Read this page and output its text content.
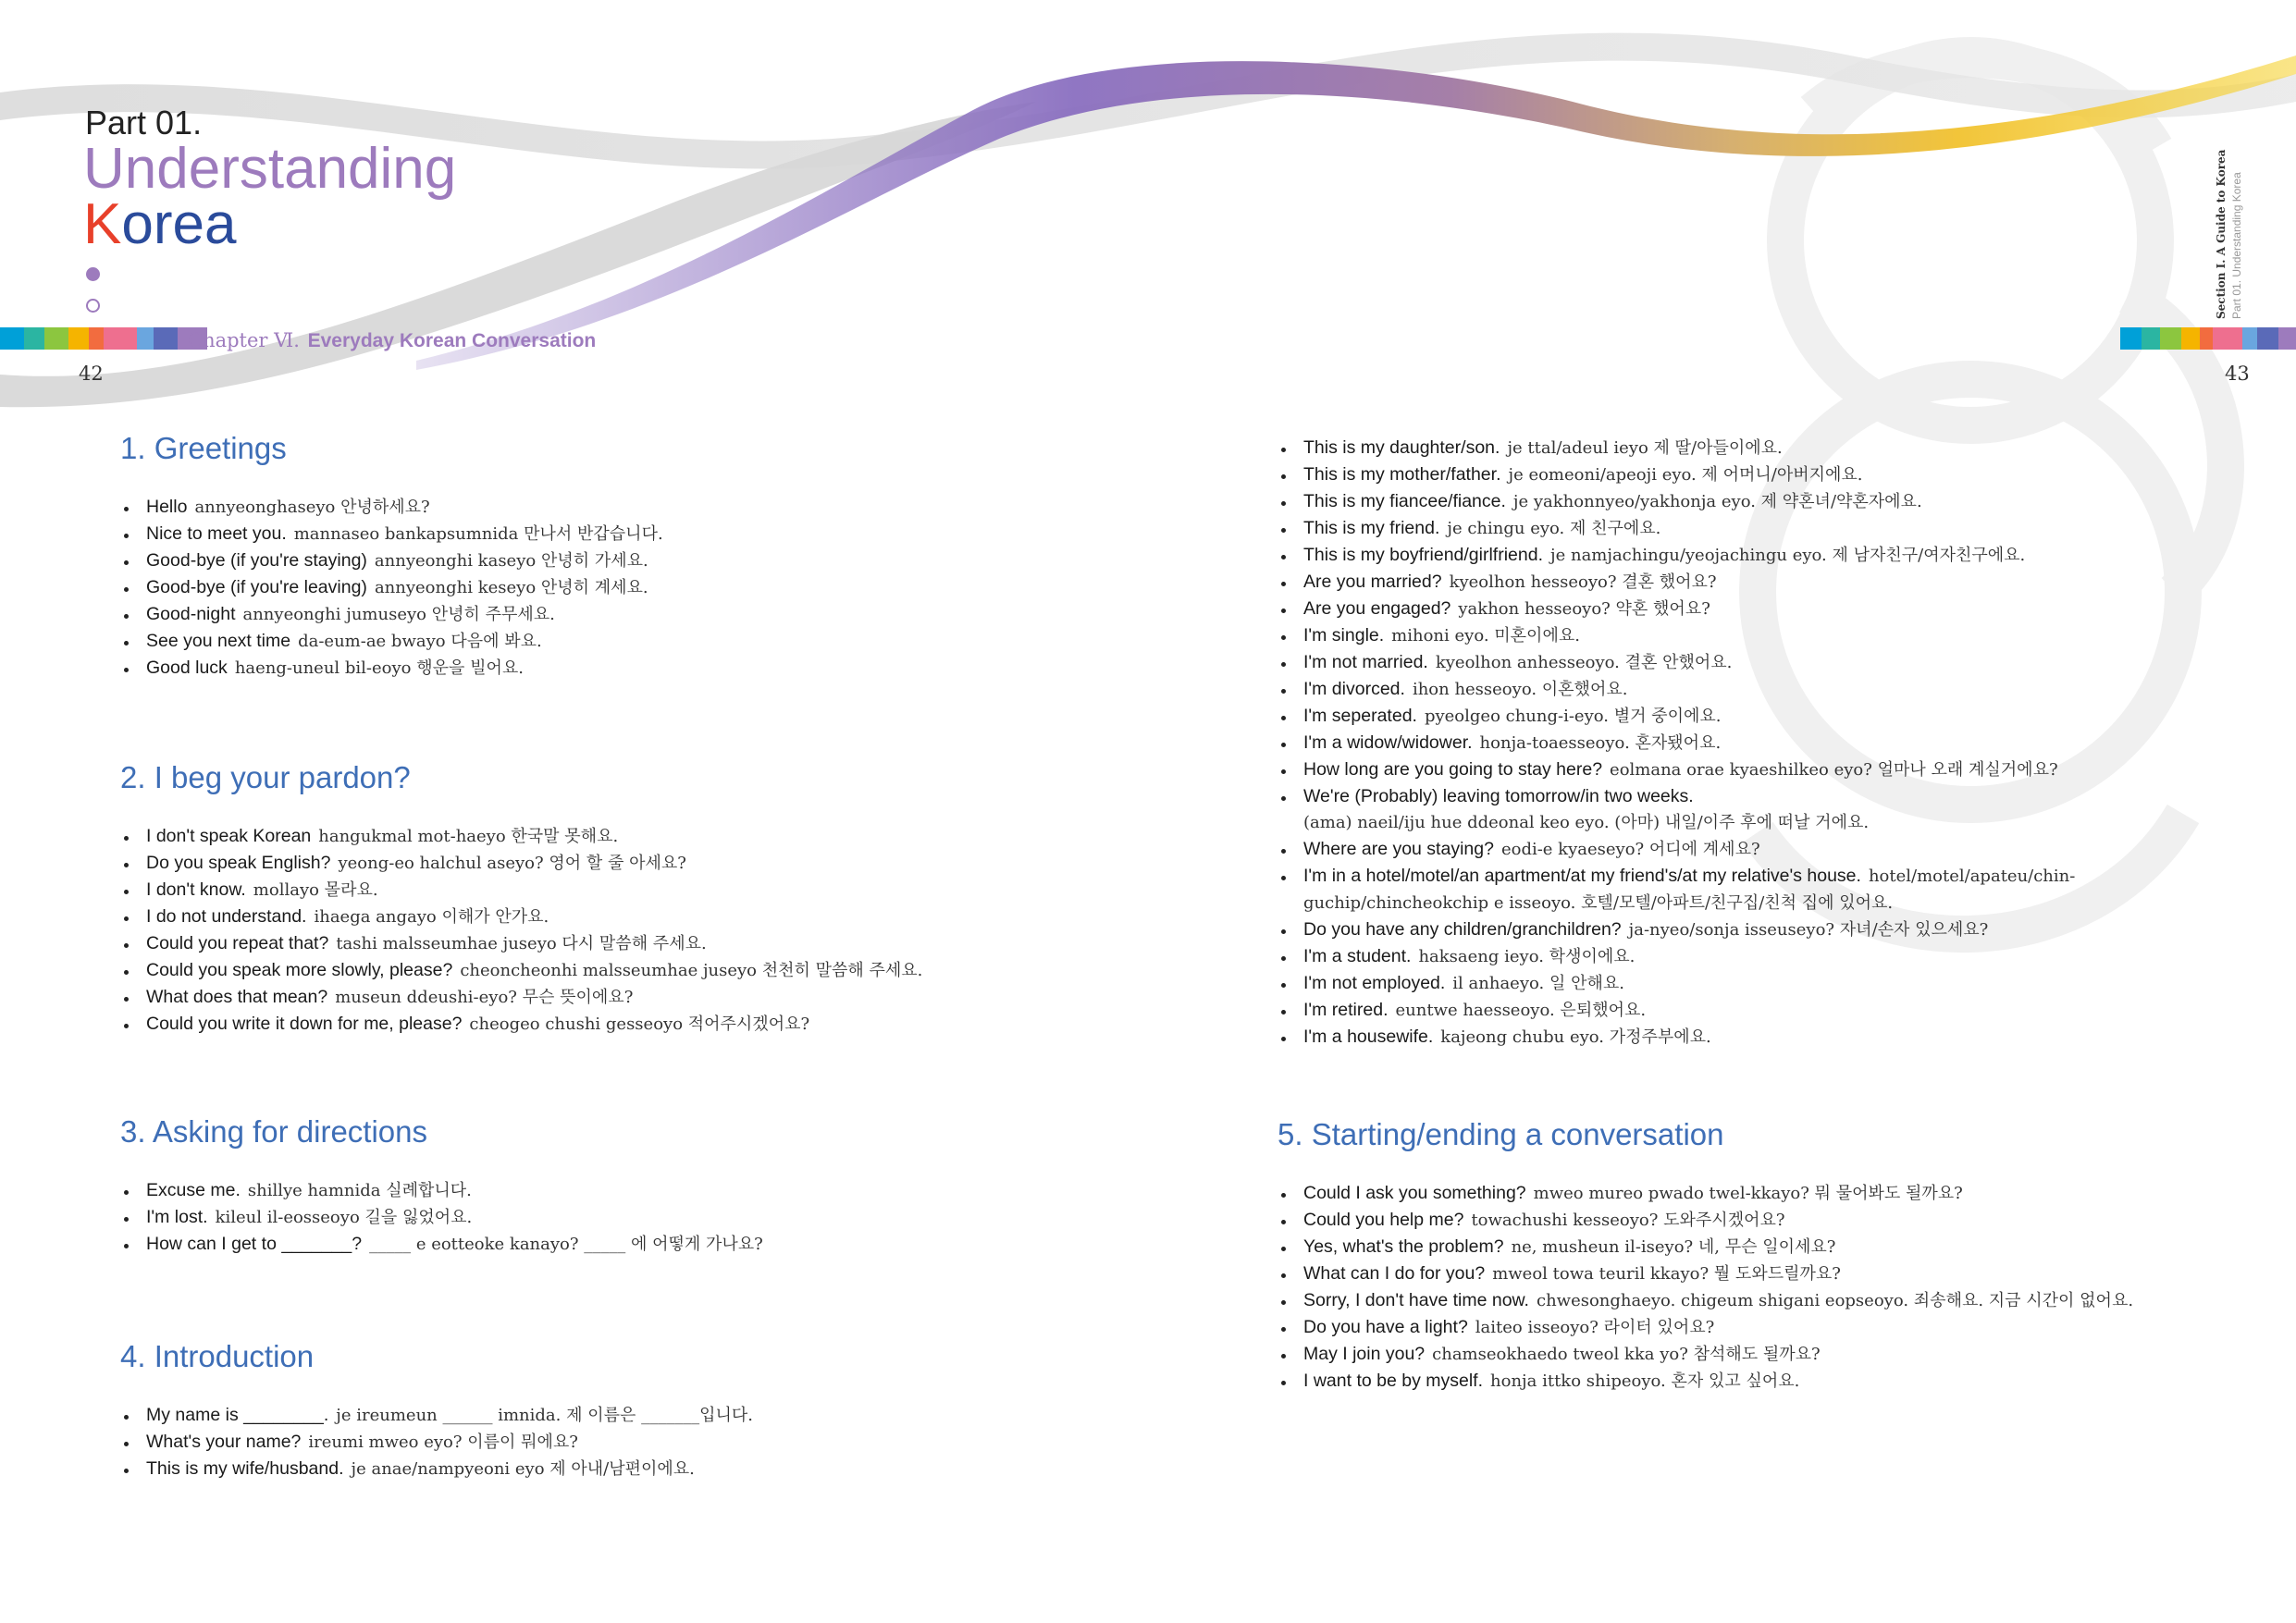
Part 01.
Understanding
Korea
Chapter Ⅵ. Everyday Korean Conversation
42	43
Section I. A Guide to Korea Part 01. Understanding Korea
1. Greetings
Hello annyeonghaseyo 안녕하세요?
Nice to meet you. mannaseo bankapsumnida 만나서 반갑습니다.
Good-bye (if you're staying) annyeonghi kaseyo 안녕히 가세요.
Good-bye (if you're leaving) annyeonghi keseyo 안녕히 계세요.
Good-night annyeonghi jumuseyo 안녕히 주무세요.
See you next time da-eum-ae bwayo 다음에 봐요.
Good luck haeng-uneul bil-eoyo 행운을 빌어요.
2. I beg your pardon?
I don't speak Korean hangukmal mot-haeyo 한국말 못해요.
Do you speak English? yeong-eo halchul aseyo? 영어 할 줄 아세요?
I don't know. mollayo 몰라요.
I do not understand. ihaega angayo 이해가 안가요.
Could you repeat that? tashi malsseumhae juseyo 다시 말씀해 주세요.
Could you speak more slowly, please? cheoncheonhi malsseumhae juseyo 천천히 말씀해 주세요.
What does that mean? museun ddeushi-eyo? 무슨 뜻이에요?
Could you write it down for me, please? cheogeo chushi gesseoyo 적어주시겠어요?
3. Asking for directions
Excuse me. shillye hamnida 실례합니다.
I'm lost. kileul il-eosseoyo 길을 잃었어요.
How can I get to _______? _____ e eotteoke kanayo? _____ 에 어떻게 가나요?
4. Introduction
My name is ________. je ireumeun ______ imnida. 제 이름은 _______입니다.
What's your name? ireumi mweo eyo? 이름이 뭐에요?
This is my wife/husband. je anae/nampyeoni eyo 제 아내/남편이에요.
This is my daughter/son. je ttal/adeul ieyo 제 딸/아들이에요.
This is my mother/father. je eomeoni/apeoji eyo. 제 어머니/아버지에요.
This is my fiancee/fiance. je yakhonnyeo/yakhonja eyo. 제 약혼녀/약혼자에요.
This is my friend. je chingu eyo. 제 친구에요.
This is my boyfriend/girlfriend. je namjachingu/yeojachingu eyo. 제 남자친구/여자친구에요.
Are you married? kyeolhon hesseoyo? 결혼 했어요?
Are you engaged? yakhon hesseoyo? 약혼 했어요?
I'm single. mihoni eyo. 미혼이에요.
I'm not married. kyeolhon anhesseoyo. 결혼 안했어요.
I'm divorced. ihon hesseoyo. 이혼했어요.
I'm seperated. pyeolgeo chung-i-eyo. 별거 중이에요.
I'm a widow/widower. honja-toaesseoyo. 혼자됐어요.
How long are you going to stay here? eolmana orae kyaeshilkeo eyo? 얼마나 오래 계실거에요?
We're (Probably) leaving tomorrow/in two weeks.
(ama) naeil/iju hue ddeonal keo eyo. (아마) 내일/이주 후에 떠날 거에요.
Where are you staying? eodi-e kyaeseyo? 어디에 계세요?
I'm in a hotel/motel/an apartment/at my friend's/at my relative's house. hotel/motel/apateu/chin-
guchip/chincheokchip e isseoyo. 호텔/모텔/아파트/친구집/친척 집에 있어요.
Do you have any children/granchildren? ja-nyeo/sonja isseuseyo? 자녀/손자 있으세요?
I'm a student. haksaeng ieyo. 학생이에요.
I'm not employed. il anhaeyo. 일 안해요.
I'm retired. euntwe haesseoyo. 은퇴했어요.
I'm a housewife. kajeong chubu eyo. 가정주부에요.
5. Starting/ending a conversation
Could I ask you something? mweo mureo pwado twel-kkayo? 뭐 물어봐도 될까요?
Could you help me? towachushi kesseoyo? 도와주시겠어요?
Yes, what's the problem? ne, musheun il-iseyo? 네, 무슨 일이세요?
What can I do for you? mweol towa teuril kkayo? 뭘 도와드릴까요?
Sorry, I don't have time now. chwesonghaeyo. chigeum shigani eopseoyo. 죄송해요. 지금 시간이 없어요.
Do you have a light? laiteo isseoyo? 라이터 있어요?
May I join you? chamseokhaedo tweol kka yo? 참석해도 될까요?
I want to be by myself. honja ittko shipeoyo. 혼자 있고 싶어요.
